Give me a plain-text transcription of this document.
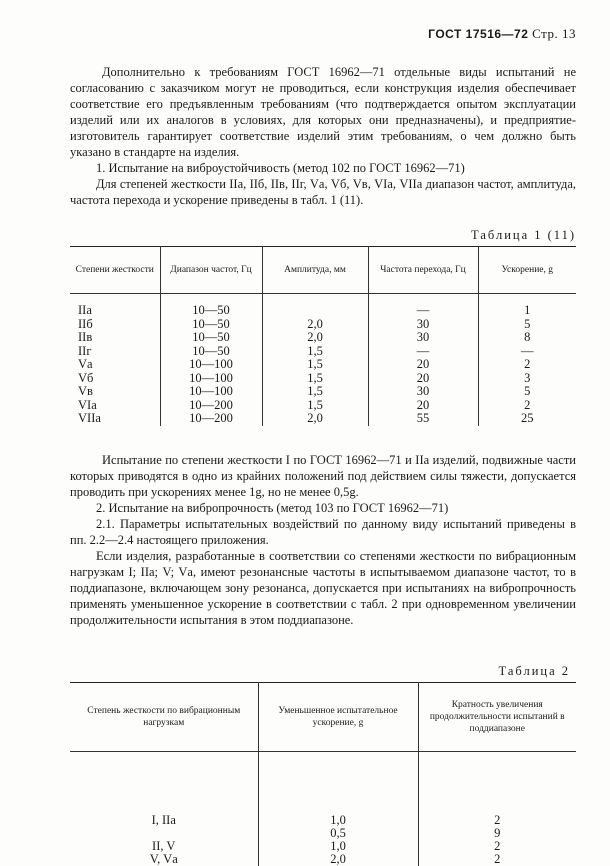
ГОСТ 17516—72 Стр. 13

Дополнительно к требованиям ГОСТ 16962—71 отдельные виды испытаний не согласованию с заказчиком могут не проводиться, если конструкция изделия обеспечивает соответствие его предъявленным требованиям (что подтверждается опытом эксплуатации изделий или их аналогов в условиях, для которых они предназначены), и предприятие-изготовитель гарантирует соответствие изделий этим требованиям, о чем должно быть указано в стандарте на изделия.

1. Испытание на виброустойчивость (метод 102 по ГОСТ 16962—71)

Для степеней жесткости IIа, IIб, IIв, IIг, Vа, Vб, Vв, VIа, VIIа диапазон частот, амплитуда, частота перехода и ускорение приведены в табл. 1 (11).

Таблица 1 (11)
Степени жесткости	Диапазон частот, Гц	Амплитуда, мм	Частота перехода, Гц	Ускорение, g

IIа	10—50		—	1
IIб	10—50	2,0	30	5
IIв	10—50	2,0	30	8
IIг	10—50	1,5	—	—
Vа	10—100	1,5	20	2
Vб	10—100	1,5	20	3
Vв	10—100	1,5	30	5
VIа	10—200	1,5	20	2
VIIа	10—200	2,0	55	25

Испытание по степени жесткости I по ГОСТ 16962—71 и IIа изделий, подвижные части которых приводятся в одно из крайних положений под действием силы тяжести, допускается проводить при ускорениях менее 1g, но не менее 0,5g.

2. Испытание на вибропрочность (метод 103 по ГОСТ 16962—71)

2.1. Параметры испытательных воздействий по данному виду испытаний приведены в пп. 2.2—2.4 настоящего приложения.

Если изделия, разработанные в соответствии со степенями жесткости по вибрационным нагрузкам I; IIа; V; Vа, имеют резонансные частоты в испытываемом диапазоне частот, то в поддиапазоне, включающем зону резонанса, допускается при испытаниях на вибропрочность применять уменьшенное ускорение в соответствии с табл. 2 при одновременном увеличении продолжительности испытания в этом поддиапазоне.

Таблица 2
Степень жесткости по вибрационным нагрузкам	Уменьшенное испытательное ускорение, g	Кратность увеличения продолжительности испытаний в поддиапазоне

I, IIа	1,0	2
	0,5	9
II, V	1,0	2
V, Vа	2,0	2
